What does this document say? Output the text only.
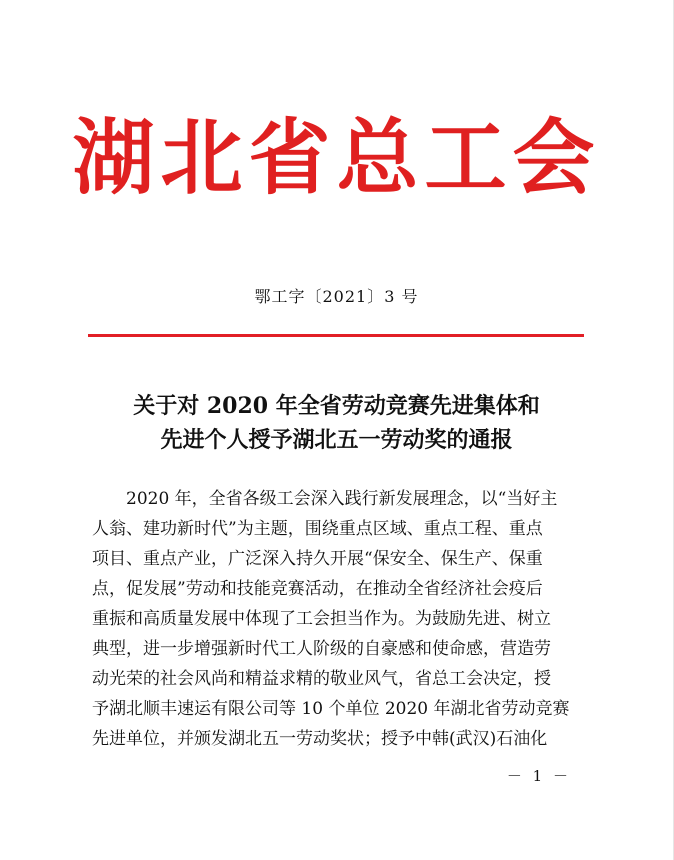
湖北省总工会
鄂工字〔2021〕3 号
关于对 2020 年全省劳动竞赛先进集体和
先进个人授予湖北五一劳动奖的通报
　　2020 年，全省各级工会深入践行新发展理念，以“当好主
人翁、建功新时代”为主题，围绕重点区域、重点工程、重点
项目、重点产业，广泛深入持久开展“保安全、保生产、保重
点，促发展”劳动和技能竞赛活动，在推动全省经济社会疫后
重振和高质量发展中体现了工会担当作为。为鼓励先进、树立
典型，进一步增强新时代工人阶级的自豪感和使命感，营造劳
动光荣的社会风尚和精益求精的敬业风气，省总工会决定，授
予湖北顺丰速运有限公司等 10 个单位 2020 年湖北省劳动竞赛
先进单位，并颁发湖北五一劳动奖状；授予中韩(武汉)石油化
－ 1 －
